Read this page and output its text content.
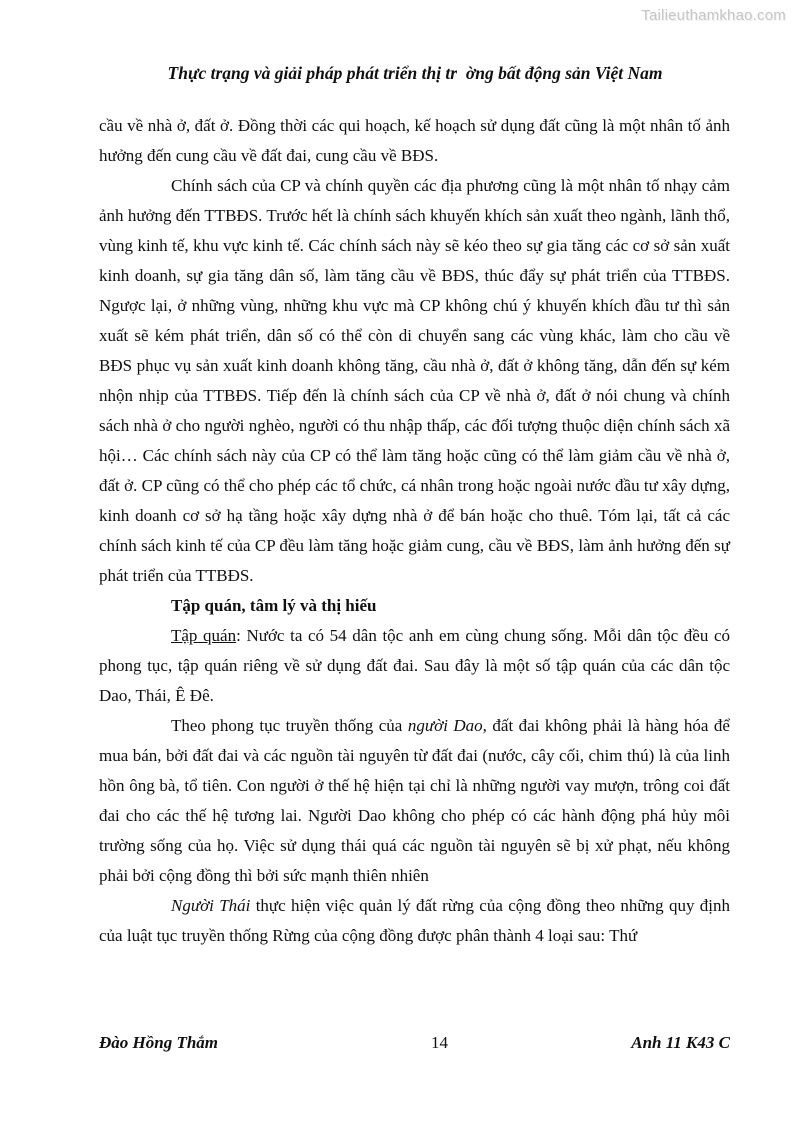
Tailieuthamkhao.com
Thực trạng và giải pháp phát triển thị tr  ờng bất động sản Việt Nam

cầu về nhà ở, đất ở. Đồng thời các qui hoạch, kế hoạch sử dụng đất cũng là một nhân tố ảnh hưởng đến cung cầu về đất đai, cung cầu về BĐS.

Chính sách của CP và chính quyền các địa phương cũng là một nhân tố nhạy cảm ảnh hưởng đến TTBĐS. Trước hết là chính sách khuyến khích sản xuất theo ngành, lãnh thổ, vùng kinh tế, khu vực kinh tế. Các chính sách này sẽ kéo theo sự gia tăng các cơ sở sản xuất kinh doanh, sự gia tăng dân số, làm tăng cầu về BĐS, thúc đẩy sự phát triển của TTBĐS. Ngược lại, ở những vùng, những khu vực mà CP không chú ý khuyến khích đầu tư thì sản xuất sẽ kém phát triển, dân số có thể còn di chuyển sang các vùng khác, làm cho cầu về BĐS phục vụ sản xuất kinh doanh không tăng, cầu nhà ở, đất ở không tăng, dẫn đến sự kém nhộn nhịp của TTBĐS. Tiếp đến là chính sách của CP về nhà ở, đất ở nói chung và chính sách nhà ở cho người nghèo, người có thu nhập thấp, các đối tượng thuộc diện chính sách xã hội… Các chính sách này của CP có thể làm tăng hoặc cũng có thể làm giảm cầu về nhà ở, đất ở. CP cũng có thể cho phép các tổ chức, cá nhân trong hoặc ngoài nước đầu tư xây dựng, kinh doanh cơ sở hạ tầng hoặc xây dựng nhà ở để bán hoặc cho thuê. Tóm lại, tất cả các chính sách kinh tế của CP đều làm tăng hoặc giảm cung, cầu về BĐS, làm ảnh hưởng đến sự phát triển của TTBĐS.

Tập quán, tâm lý và thị hiếu

Tập quán: Nước ta có 54 dân tộc anh em cùng chung sống. Mỗi dân tộc đều có phong tục, tập quán riêng về sử dụng đất đai. Sau đây là một số tập quán của các dân tộc Dao, Thái, Ê Đê.

Theo phong tục truyền thống của người Dao, đất đai không phải là hàng hóa để mua bán, bởi đất đai và các nguồn tài nguyên từ đất đai (nước, cây cối, chim thú) là của linh hồn ông bà, tổ tiên. Con người ở thế hệ hiện tại chỉ là những người vay mượn, trông coi đất đai cho các thế hệ tương lai. Người Dao không cho phép có các hành động phá hủy môi trường sống của họ. Việc sử dụng thái quá các nguồn tài nguyên sẽ bị xử phạt, nếu không phải bởi cộng đồng thì bởi sức mạnh thiên nhiên

Người Thái thực hiện việc quản lý đất rừng của cộng đồng theo những quy định của luật tục truyền thống Rừng của cộng đồng được phân thành 4 loại sau: Thứ

Đào Hồng Thắm	14	Anh 11 K43 C
